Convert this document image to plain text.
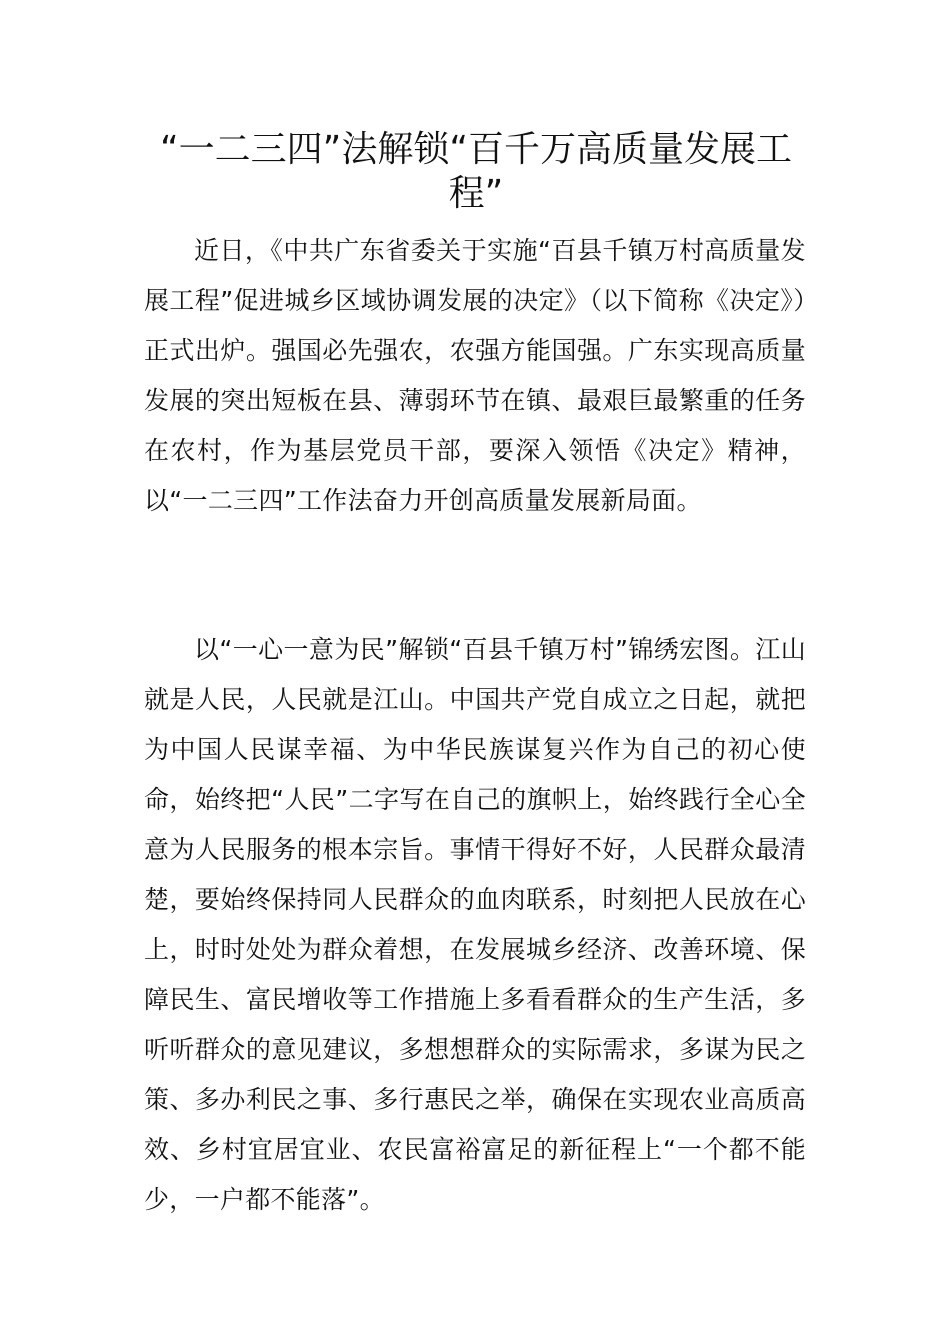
“一二三四”法解锁“百千万高质量发展工程”

近日，《中共广东省委关于实施“百县千镇万村高质量发展工程”促进城乡区域协调发展的决定》（以下简称《决定》）正式出炉。强国必先强农，农强方能国强。广东实现高质量发展的突出短板在县、薄弱环节在镇、最艰巨最繁重的任务在农村，作为基层党员干部，要深入领悟《决定》精神，以“一二三四”工作法奋力开创高质量发展新局面。

以“一心一意为民”解锁“百县千镇万村”锦绣宏图。江山就是人民，人民就是江山。中国共产党自成立之日起，就把为中国人民谋幸福、为中华民族谋复兴作为自己的初心使命，始终把“人民”二字写在自己的旗帜上，始终践行全心全意为人民服务的根本宗旨。事情干得好不好，人民群众最清楚，要始终保持同人民群众的血肉联系，时刻把人民放在心上，时时处处为群众着想，在发展城乡经济、改善环境、保障民生、富民增收等工作措施上多看看群众的生产生活，多听听群众的意见建议，多想想群众的实际需求，多谋为民之策、多办利民之事、多行惠民之举，确保在实现农业高质高效、乡村宜居宜业、农民富裕富足的新征程上“一个都不能少，一户都不能落”。
